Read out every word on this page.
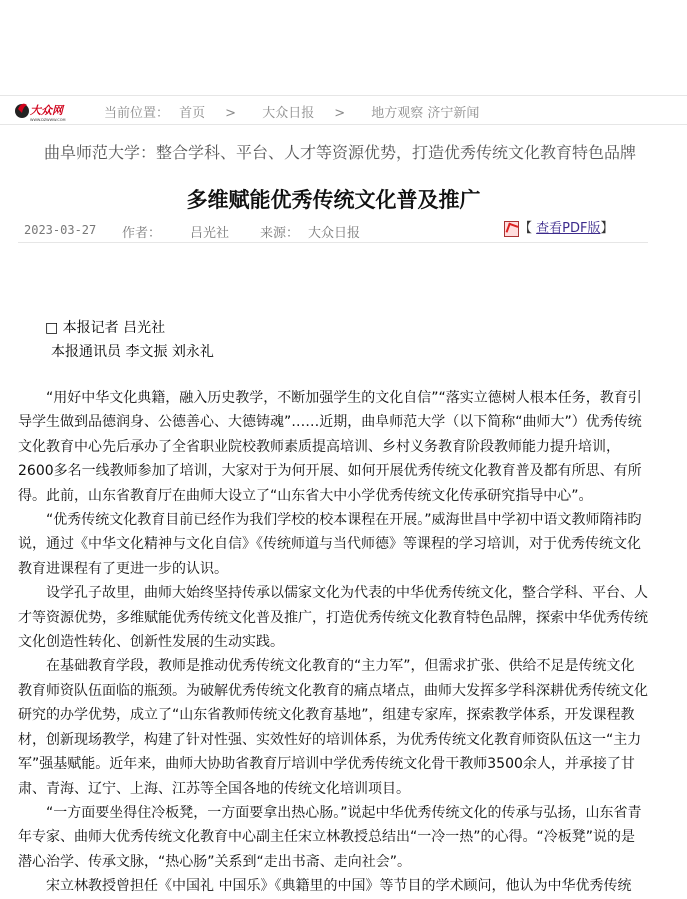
大众网
WWW.DZWWW.COM	当前位置： 首页 > 大众日报 > 地方观察 济宁新闻
曲阜师范大学：整合学科、平台、人才等资源优势，打造优秀传统文化教育特色品牌
多维赋能优秀传统文化普及推广
2023-03-27 作者： 吕光社 来源： 大众日报	【 查看PDF版】
□ 本报记者 吕光社
本报通讯员 李文振 刘永礼

“用好中华文化典籍，融入历史教学，不断加强学生的文化自信”“落实立德树人根本任务，教育引导学生做到品德润身、公德善心、大德铸魂”……近期，曲阜师范大学（以下简称“曲师大”）优秀传统文化教育中心先后承办了全省职业院校教师素质提高培训、乡村义务教育阶段教师能力提升培训，2600多名一线教师参加了培训，大家对于为何开展、如何开展优秀传统文化教育普及都有所思、有所得。此前，山东省教育厅在曲师大设立了“山东省大中小学优秀传统文化传承研究指导中心”。

“优秀传统文化教育目前已经作为我们学校的校本课程在开展。”威海世昌中学初中语文教师隋祎昀说，通过《中华文化精神与文化自信》《传统师道与当代师德》等课程的学习培训，对于优秀传统文化教育进课程有了更进一步的认识。

设学孔子故里，曲师大始终坚持传承以儒家文化为代表的中华优秀传统文化，整合学科、平台、人才等资源优势，多维赋能优秀传统文化普及推广，打造优秀传统文化教育特色品牌，探索中华优秀传统文化创造性转化、创新性发展的生动实践。

在基础教育学段，教师是推动优秀传统文化教育的“主力军”，但需求扩张、供给不足是传统文化教育师资队伍面临的瓶颈。为破解优秀传统文化教育的痛点堵点，曲师大发挥多学科深耕优秀传统文化研究的办学优势，成立了“山东省教师传统文化教育基地”，组建专家库，探索教学体系，开发课程教材，创新现场教学，构建了针对性强、实效性好的培训体系，为优秀传统文化教育师资队伍这一“主力军”强基赋能。近年来，曲师大协助省教育厅培训中学优秀传统文化骨干教师3500余人，并承接了甘肃、青海、辽宁、上海、江苏等全国各地的传统文化培训项目。

“一方面要坐得住冷板凳，一方面要拿出热心肠。”说起中华优秀传统文化的传承与弘扬，山东省青年专家、曲师大优秀传统文化教育中心副主任宋立林教授总结出“一冷一热”的心得。“冷板凳”说的是潜心治学、传承文脉，“热心肠”关系到“走出书斋、走向社会”。

宋立林教授曾担任《中国礼 中国乐》《典籍里的中国》等节目的学术顾问，他认为中华优秀传统
